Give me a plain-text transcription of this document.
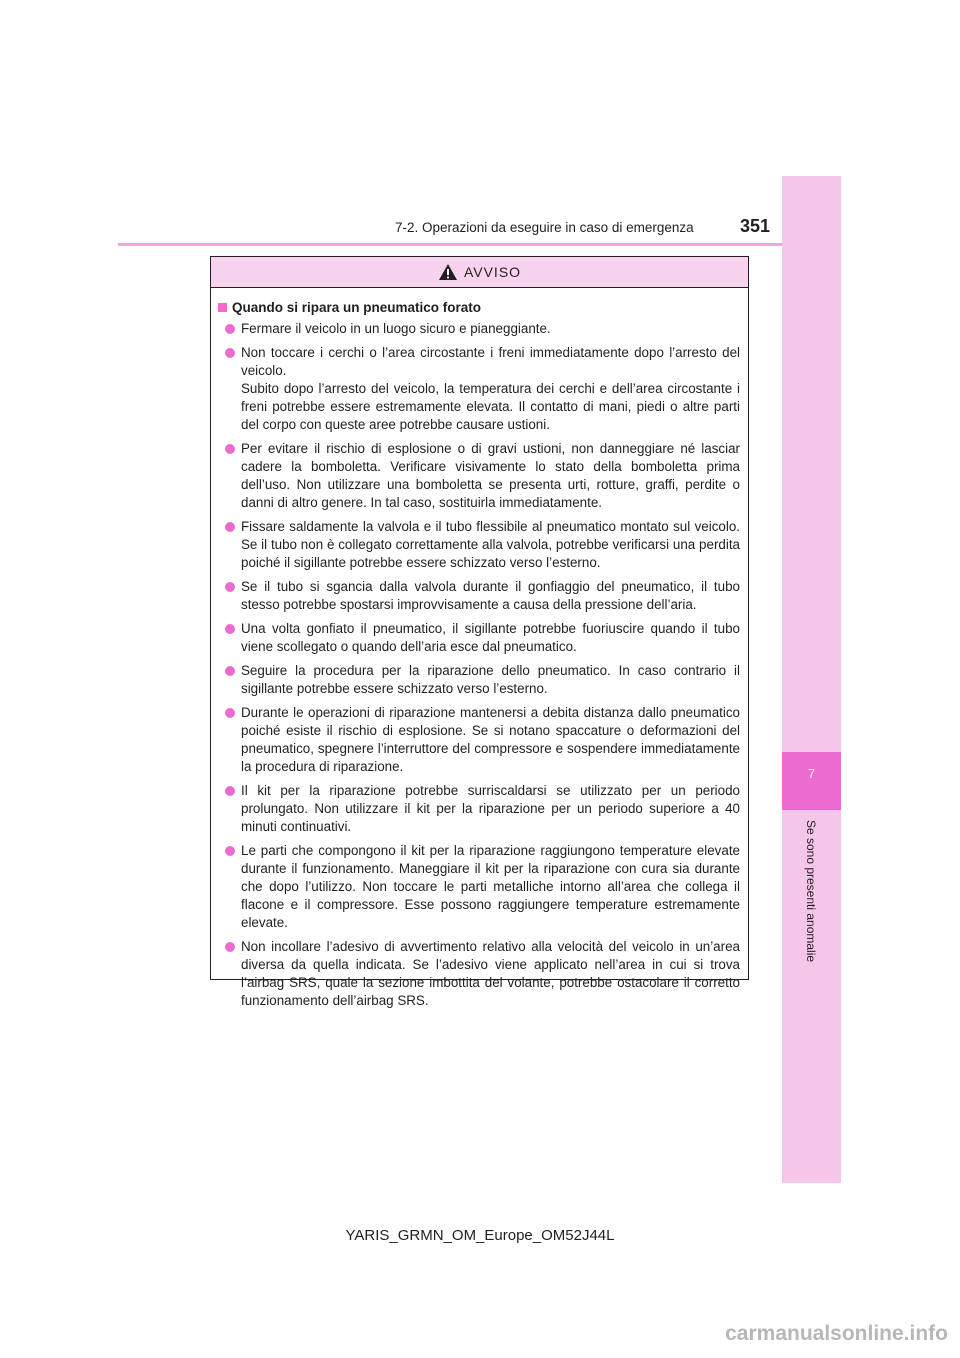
7-2. Operazioni da eseguire in caso di emergenza	351
7
Se sono presenti anomalie
AVVISO
Quando si ripara un pneumatico forato

Fermare il veicolo in un luogo sicuro e pianeggiante.

Non toccare i cerchi o l’area circostante i freni immediatamente dopo l’arresto del veicolo.

Subito dopo l’arresto del veicolo, la temperatura dei cerchi e dell’area circostante i freni potrebbe essere estremamente elevata. Il contatto di mani, piedi o altre parti del corpo con queste aree potrebbe causare ustioni.

Per evitare il rischio di esplosione o di gravi ustioni, non danneggiare né lasciar cadere la bomboletta. Verificare visivamente lo stato della bomboletta prima dell’uso. Non utilizzare una bomboletta se presenta urti, rotture, graffi, perdite o danni di altro genere. In tal caso, sostituirla immediatamente.

Fissare saldamente la valvola e il tubo flessibile al pneumatico montato sul veicolo. Se il tubo non è collegato correttamente alla valvola, potrebbe verificarsi una perdita poiché il sigillante potrebbe essere schizzato verso l’esterno.

Se il tubo si sgancia dalla valvola durante il gonfiaggio del pneumatico, il tubo stesso potrebbe spostarsi improvvisamente a causa della pressione dell’aria.

Una volta gonfiato il pneumatico, il sigillante potrebbe fuoriuscire quando il tubo viene scollegato o quando dell’aria esce dal pneumatico.

Seguire la procedura per la riparazione dello pneumatico. In caso contrario il sigillante potrebbe essere schizzato verso l’esterno.

Durante le operazioni di riparazione mantenersi a debita distanza dallo pneumatico poiché esiste il rischio di esplosione. Se si notano spaccature o deformazioni del pneumatico, spegnere l’interruttore del compressore e sospendere immediatamente la procedura di riparazione.

Il kit per la riparazione potrebbe surriscaldarsi se utilizzato per un periodo prolungato. Non utilizzare il kit per la riparazione per un periodo superiore a 40 minuti continuativi.

Le parti che compongono il kit per la riparazione raggiungono temperature elevate durante il funzionamento. Maneggiare il kit per la riparazione con cura sia durante che dopo l’utilizzo. Non toccare le parti metalliche intorno all’area che collega il flacone e il compressore. Esse possono raggiungere temperature estremamente elevate.

Non incollare l’adesivo di avvertimento relativo alla velocità del veicolo in un’area diversa da quella indicata. Se l’adesivo viene applicato nell’area in cui si trova l’airbag SRS, quale la sezione imbottita del volante, potrebbe ostacolare il corretto funzionamento dell’airbag SRS.

YARIS_GRMN_OM_Europe_OM52J44L
carmanualsonline.info
